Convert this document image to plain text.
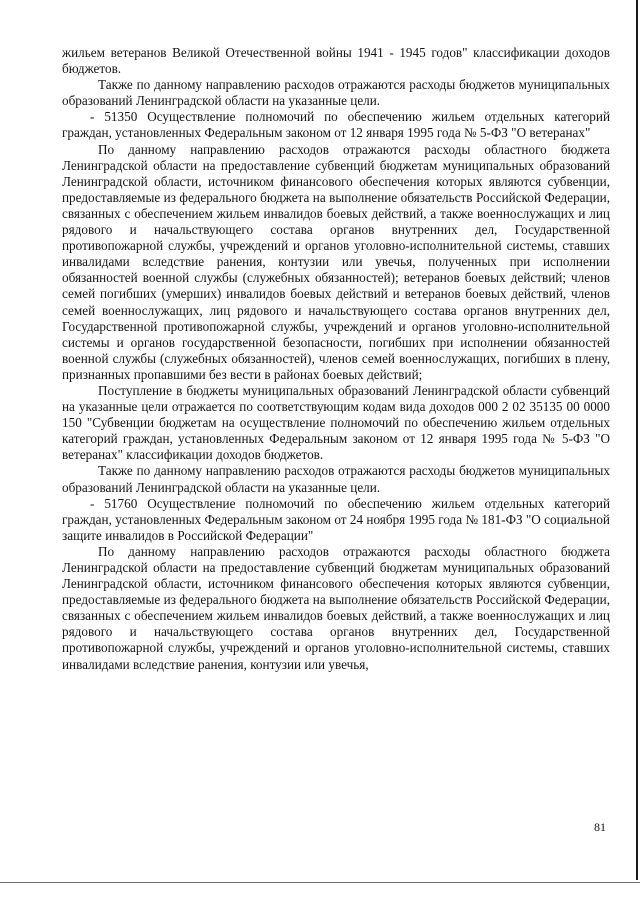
жильем ветеранов Великой Отечественной войны 1941 - 1945 годов" классификации доходов бюджетов.

Также по данному направлению расходов отражаются расходы бюджетов муниципальных образований Ленинградской области на указанные цели.

- 51350 Осуществление полномочий по обеспечению жильем отдельных категорий граждан, установленных Федеральным законом от 12 января 1995 года № 5-ФЗ "О ветеранах"

По данному направлению расходов отражаются расходы областного бюджета Ленинградской области на предоставление субвенций бюджетам муниципальных образований Ленинградской области, источником финансового обеспечения которых являются субвенции, предоставляемые из федерального бюджета на выполнение обязательств Российской Федерации, связанных с обеспечением жильем инвалидов боевых действий, а также военнослужащих и лиц рядового и начальствующего состава органов внутренних дел, Государственной противопожарной службы, учреждений и органов уголовно-исполнительной системы, ставших инвалидами вследствие ранения, контузии или увечья, полученных при исполнении обязанностей военной службы (служебных обязанностей); ветеранов боевых действий; членов семей погибших (умерших) инвалидов боевых действий и ветеранов боевых действий, членов семей военнослужащих, лиц рядового и начальствующего состава органов внутренних дел, Государственной противопожарной службы, учреждений и органов уголовно-исполнительной системы и органов государственной безопасности, погибших при исполнении обязанностей военной службы (служебных обязанностей), членов семей военнослужащих, погибших в плену, признанных пропавшими без вести в районах боевых действий;

Поступление в бюджеты муниципальных образований Ленинградской области субвенций на указанные цели отражается по соответствующим кодам вида доходов 000 2 02 35135 00 0000 150 "Субвенции бюджетам на осуществление полномочий по обеспечению жильем отдельных категорий граждан, установленных Федеральным законом от 12 января 1995 года № 5-ФЗ "О ветеранах" классификации доходов бюджетов.

Также по данному направлению расходов отражаются расходы бюджетов муниципальных образований Ленинградской области на указанные цели.

- 51760 Осуществление полномочий по обеспечению жильем отдельных категорий граждан, установленных Федеральным законом от 24 ноября 1995 года № 181-ФЗ "О социальной защите инвалидов в Российской Федерации"

По данному направлению расходов отражаются расходы областного бюджета Ленинградской области на предоставление субвенций бюджетам муниципальных образований Ленинградской области, источником финансового обеспечения которых являются субвенции, предоставляемые из федерального бюджета на выполнение обязательств Российской Федерации, связанных с обеспечением жильем инвалидов боевых действий, а также военнослужащих и лиц рядового и начальствующего состава органов внутренних дел, Государственной противопожарной службы, учреждений и органов уголовно-исполнительной системы, ставших инвалидами вследствие ранения, контузии или увечья,

81
